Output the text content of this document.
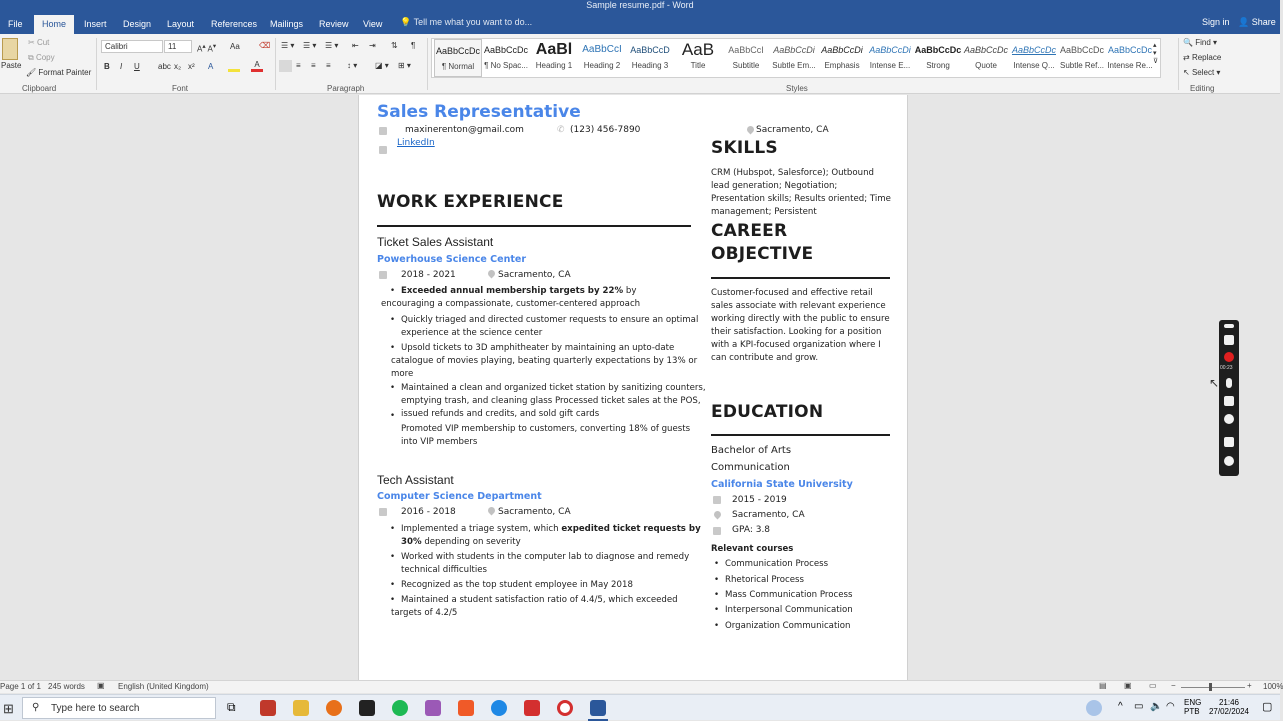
Sample resume.pdf - Word
File	Home	Insert	Design	Layout	References	Mailings	Review	View	💡 Tell me what you want to do...	Sign in 👤 Share
Paste
✂ Cut
⧉ Copy
🖌 Format Painter
Clipboard
Calibri	11	A▴ A▾ Aa ⌫
B I U abc x₂ x² A	A
Font
☰ ▾ ☰ ▾ ☰ ▾ ⇤ ⇥ ⇅ ¶
≡ ≡ ≡ ↕ ▾ ◪ ▾ ⊞ ▾
Paragraph
AaBbCcDc
¶ Normal
AaBbCcDc
¶ No Spac...
AaBl
Heading 1
AaBbCcI
Heading 2
AaBbCcD
Heading 3
AaB
Title
AaBbCcI
Subtitle
AaBbCcDi
Subtle Em...
AaBbCcDi
Emphasis
AaBbCcDi
Intense E...
AaBbCcDc
Strong
AaBbCcDc
Quote
AaBbCcDc
Intense Q...
AaBbCcDc
Subtle Ref...
AaBbCcDc
Intense Re...
▴
▾
⊽
Styles
🔍 Find ▾
⇄ Replace
↖ Select ▾
Editing
Sales Representative
maxinerenton@gmail.com	✆ (123) 456-7890	Sacramento, CA
LinkedIn
WORK EXPERIENCE
Ticket Sales Assistant
Powerhouse Science Center
2018 - 2021	Sacramento, CA
• Exceeded annual membership targets by 22% by
encouraging a compassionate, customer-centered approach
• Quickly triaged and directed customer requests to ensure an optimal
experience at the science center
• Upsold tickets to 3D amphitheater by maintaining an upto-date
catalogue of movies playing, beating quarterly expectations by 13% or
more
• Maintained a clean and organized ticket station by sanitizing counters,
emptying trash, and cleaning glass Processed ticket sales at the POS,
issued refunds and credits, and sold gift cards
•
Promoted VIP membership to customers, converting 18% of guests
into VIP members
Tech Assistant
Computer Science Department
2016 - 2018	Sacramento, CA
• Implemented a triage system, which expedited ticket requests by
30% depending on severity
• Worked with students in the computer lab to diagnose and remedy
technical difficulties
• Recognized as the top student employee in May 2018
• Maintained a student satisfaction ratio of 4.4/5, which exceeded
targets of 4.2/5
SKILLS
CRM (Hubspot, Salesforce); Outbound
lead generation; Negotiation;
Presentation skills; Results oriented; Time
management; Persistent
CAREER
OBJECTIVE
Customer-focused and effective retail
sales associate with relevant experience
working directly with the public to ensure
their satisfaction. Looking for a position
with a KPI-focused organization where I
can contribute and grow.
EDUCATION
Bachelor of Arts
Communication
California State University
2015 - 2019
Sacramento, CA
GPA: 3.8
Relevant courses
• Communication Process
• Rhetorical Process
• Mass Communication Process
• Interpersonal Communication
• Organization Communication
00:23
↖
Page 1 of 1 245 words ▣ English (United Kingdom)	▤ ▣ ▭ −	+ 100%
⊞ ⚲ Type here to search	⧉	^ ▭ 🔈 ◠ ENG
PTB
21:46
27/02/2024 ▢
